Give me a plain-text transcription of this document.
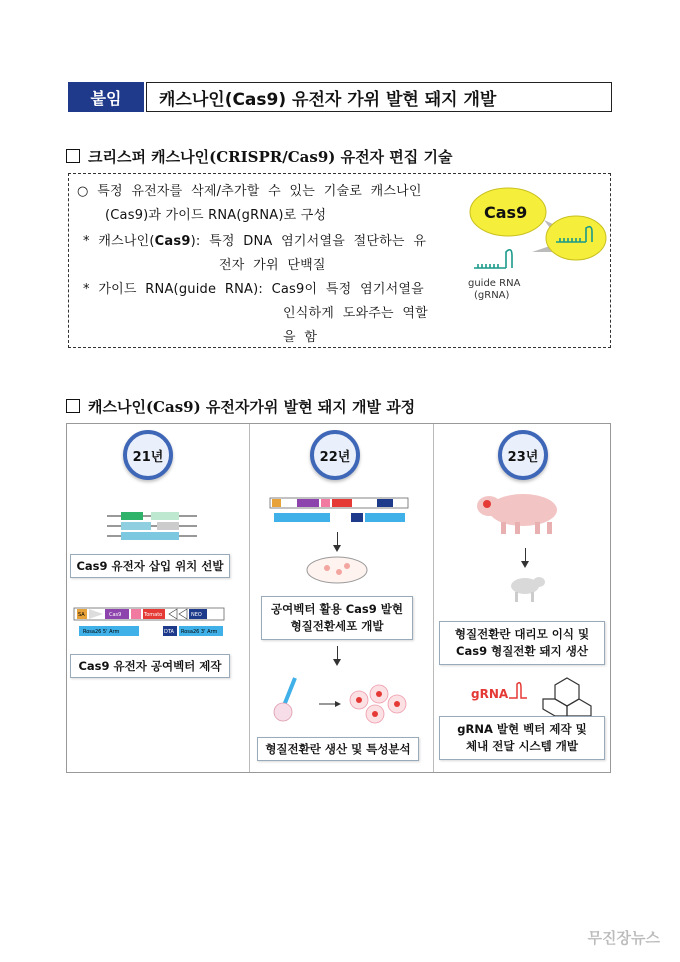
붙임	캐스나인(Cas9) 유전자 가위 발현 돼지 개발
크리스퍼 캐스나인(CRISPR/Cas9) 유전자 편집 기술
○  특정  유전자를  삭제/추가할  수  있는  기술로  캐스나인
(Cas9)과 가이드 RNA(gRNA)로 구성
*  캐스나인(Cas9):  특정  DNA  염기서열을  절단하는  유
전자  가위  단백질
*  가이드  RNA(guide  RNA):  Cas9이  특정  염기서열을
인식하게  도와주는  역할
을  함
Cas9
guide RNA
(gRNA)
캐스나인(Cas9) 유전자가위 발현 돼지 개발 과정
21년	22년	23년
Cas9 유전자 삽입 위치 선발
SA	Cas9	Tomato	NEO
Rosa26 5' Arm	DTA Rosa26 3' Arm
Cas9 유전자 공여벡터 제작
공여벡터 활용 Cas9 발현
형질전환세포 개발
형질전환란 생산 및 특성분석
형질전환란 대리모 이식 및
Cas9 형질전환 돼지 생산
gRNA
gRNA 발현 벡터 제작 및
체내 전달 시스템 개발
무진장뉴스
